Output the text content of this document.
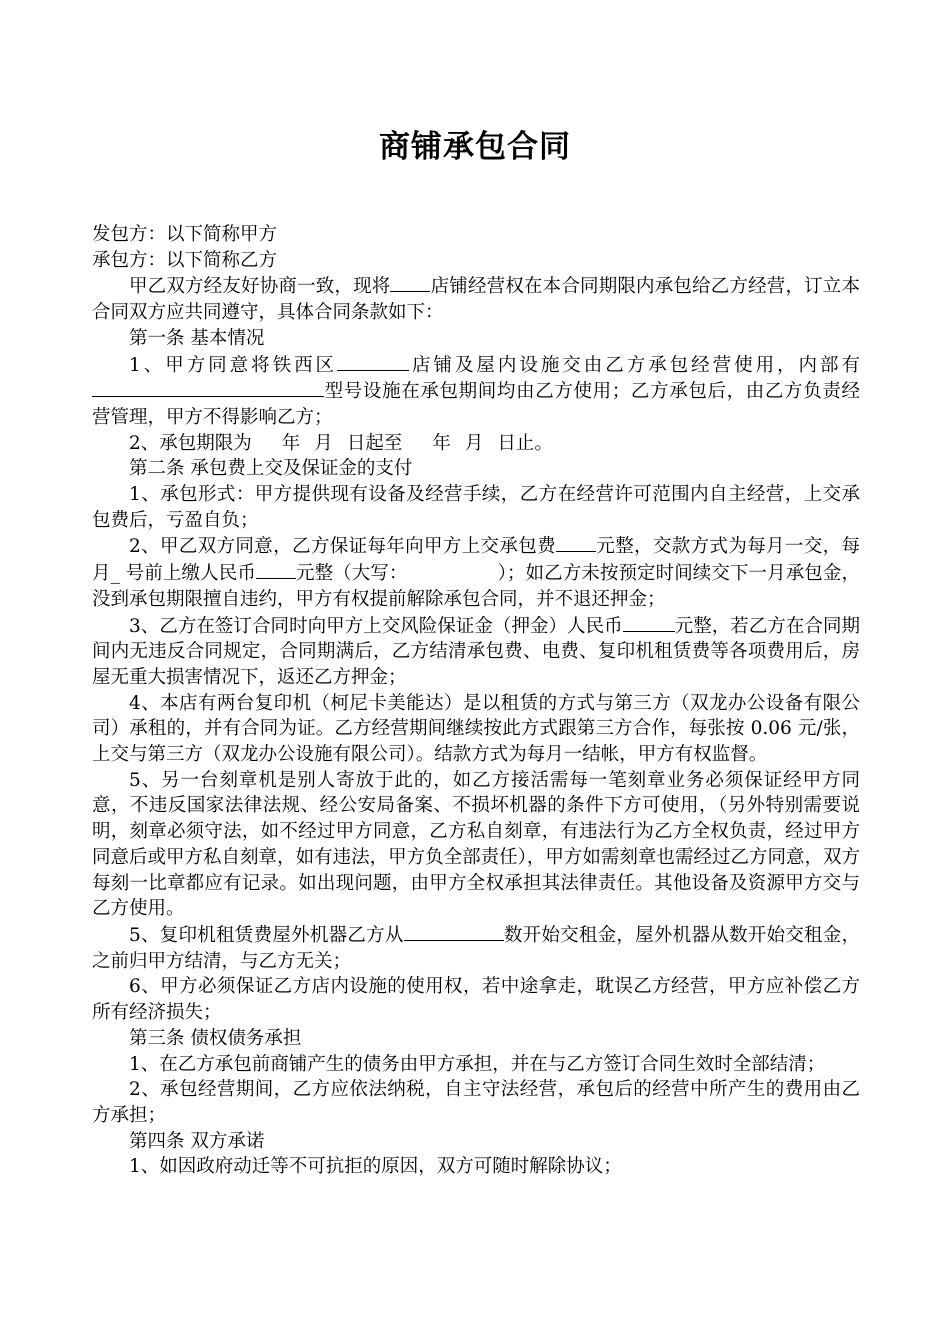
商铺承包合同

发包方：以下简称甲方

承包方：以下简称乙方

甲乙双方经友好协商一致，现将 店铺经营权在本合同期限内承包给乙方经营，订立本合同双方应共同遵守，具体合同条款如下：

第一条 基本情况

1、甲方同意将铁西区	店铺及屋内设施交由乙方承包经营使用，内部有型号设施在承包期间均由乙方使用；乙方承包后，由乙方负责经营管理，甲方不得影响乙方；

2、承包期限为 年 月 日起至 年 月 日止。

第二条 承包费上交及保证金的支付

1、承包形式：甲方提供现有设备及经营手续，乙方在经营许可范围内自主经营，上交承包费后，亏盈自负；

2、甲乙双方同意，乙方保证每年向甲方上交承包费 元整，交款方式为每月一交，每月_ 号前上缴人民币 元整（大写：	）；如乙方未按预定时间续交下一月承包金，没到承包期限擅自违约，甲方有权提前解除承包合同，并不退还押金；

3、乙方在签订合同时向甲方上交风险保证金（押金）人民币	元整，若乙方在合同期间内无违反合同规定，合同期满后，乙方结清承包费、电费、复印机租赁费等各项费用后，房屋无重大损害情况下，返还乙方押金；

4、本店有两台复印机（柯尼卡美能达）是以租赁的方式与第三方（双龙办公设备有限公司）承租的，并有合同为证。乙方经营期间继续按此方式跟第三方合作，每张按 0.06 元/张，上交与第三方（双龙办公设施有限公司）。结款方式为每月一结帐，甲方有权监督。

5、另一台刻章机是别人寄放于此的，如乙方接活需每一笔刻章业务必须保证经甲方同意，不违反国家法律法规、经公安局备案、不损坏机器的条件下方可使用，（另外特别需要说明，刻章必须守法，如不经过甲方同意，乙方私自刻章，有违法行为乙方全权负责，经过甲方同意后或甲方私自刻章，如有违法，甲方负全部责任），甲方如需刻章也需经过乙方同意，双方每刻一比章都应有记录。如出现问题，由甲方全权承担其法律责任。其他设备及资源甲方交与乙方使用。

5、复印机租赁费屋外机器乙方从	数开始交租金，屋外机器从数开始交租金，之前归甲方结清，与乙方无关；

6、甲方必须保证乙方店内设施的使用权，若中途拿走，耽误乙方经营，甲方应补偿乙方所有经济损失；

第三条 债权债务承担

1、在乙方承包前商铺产生的债务由甲方承担，并在与乙方签订合同生效时全部结清；

2、承包经营期间，乙方应依法纳税，自主守法经营，承包后的经营中所产生的费用由乙方承担；

第四条 双方承诺

1、如因政府动迁等不可抗拒的原因，双方可随时解除协议；
